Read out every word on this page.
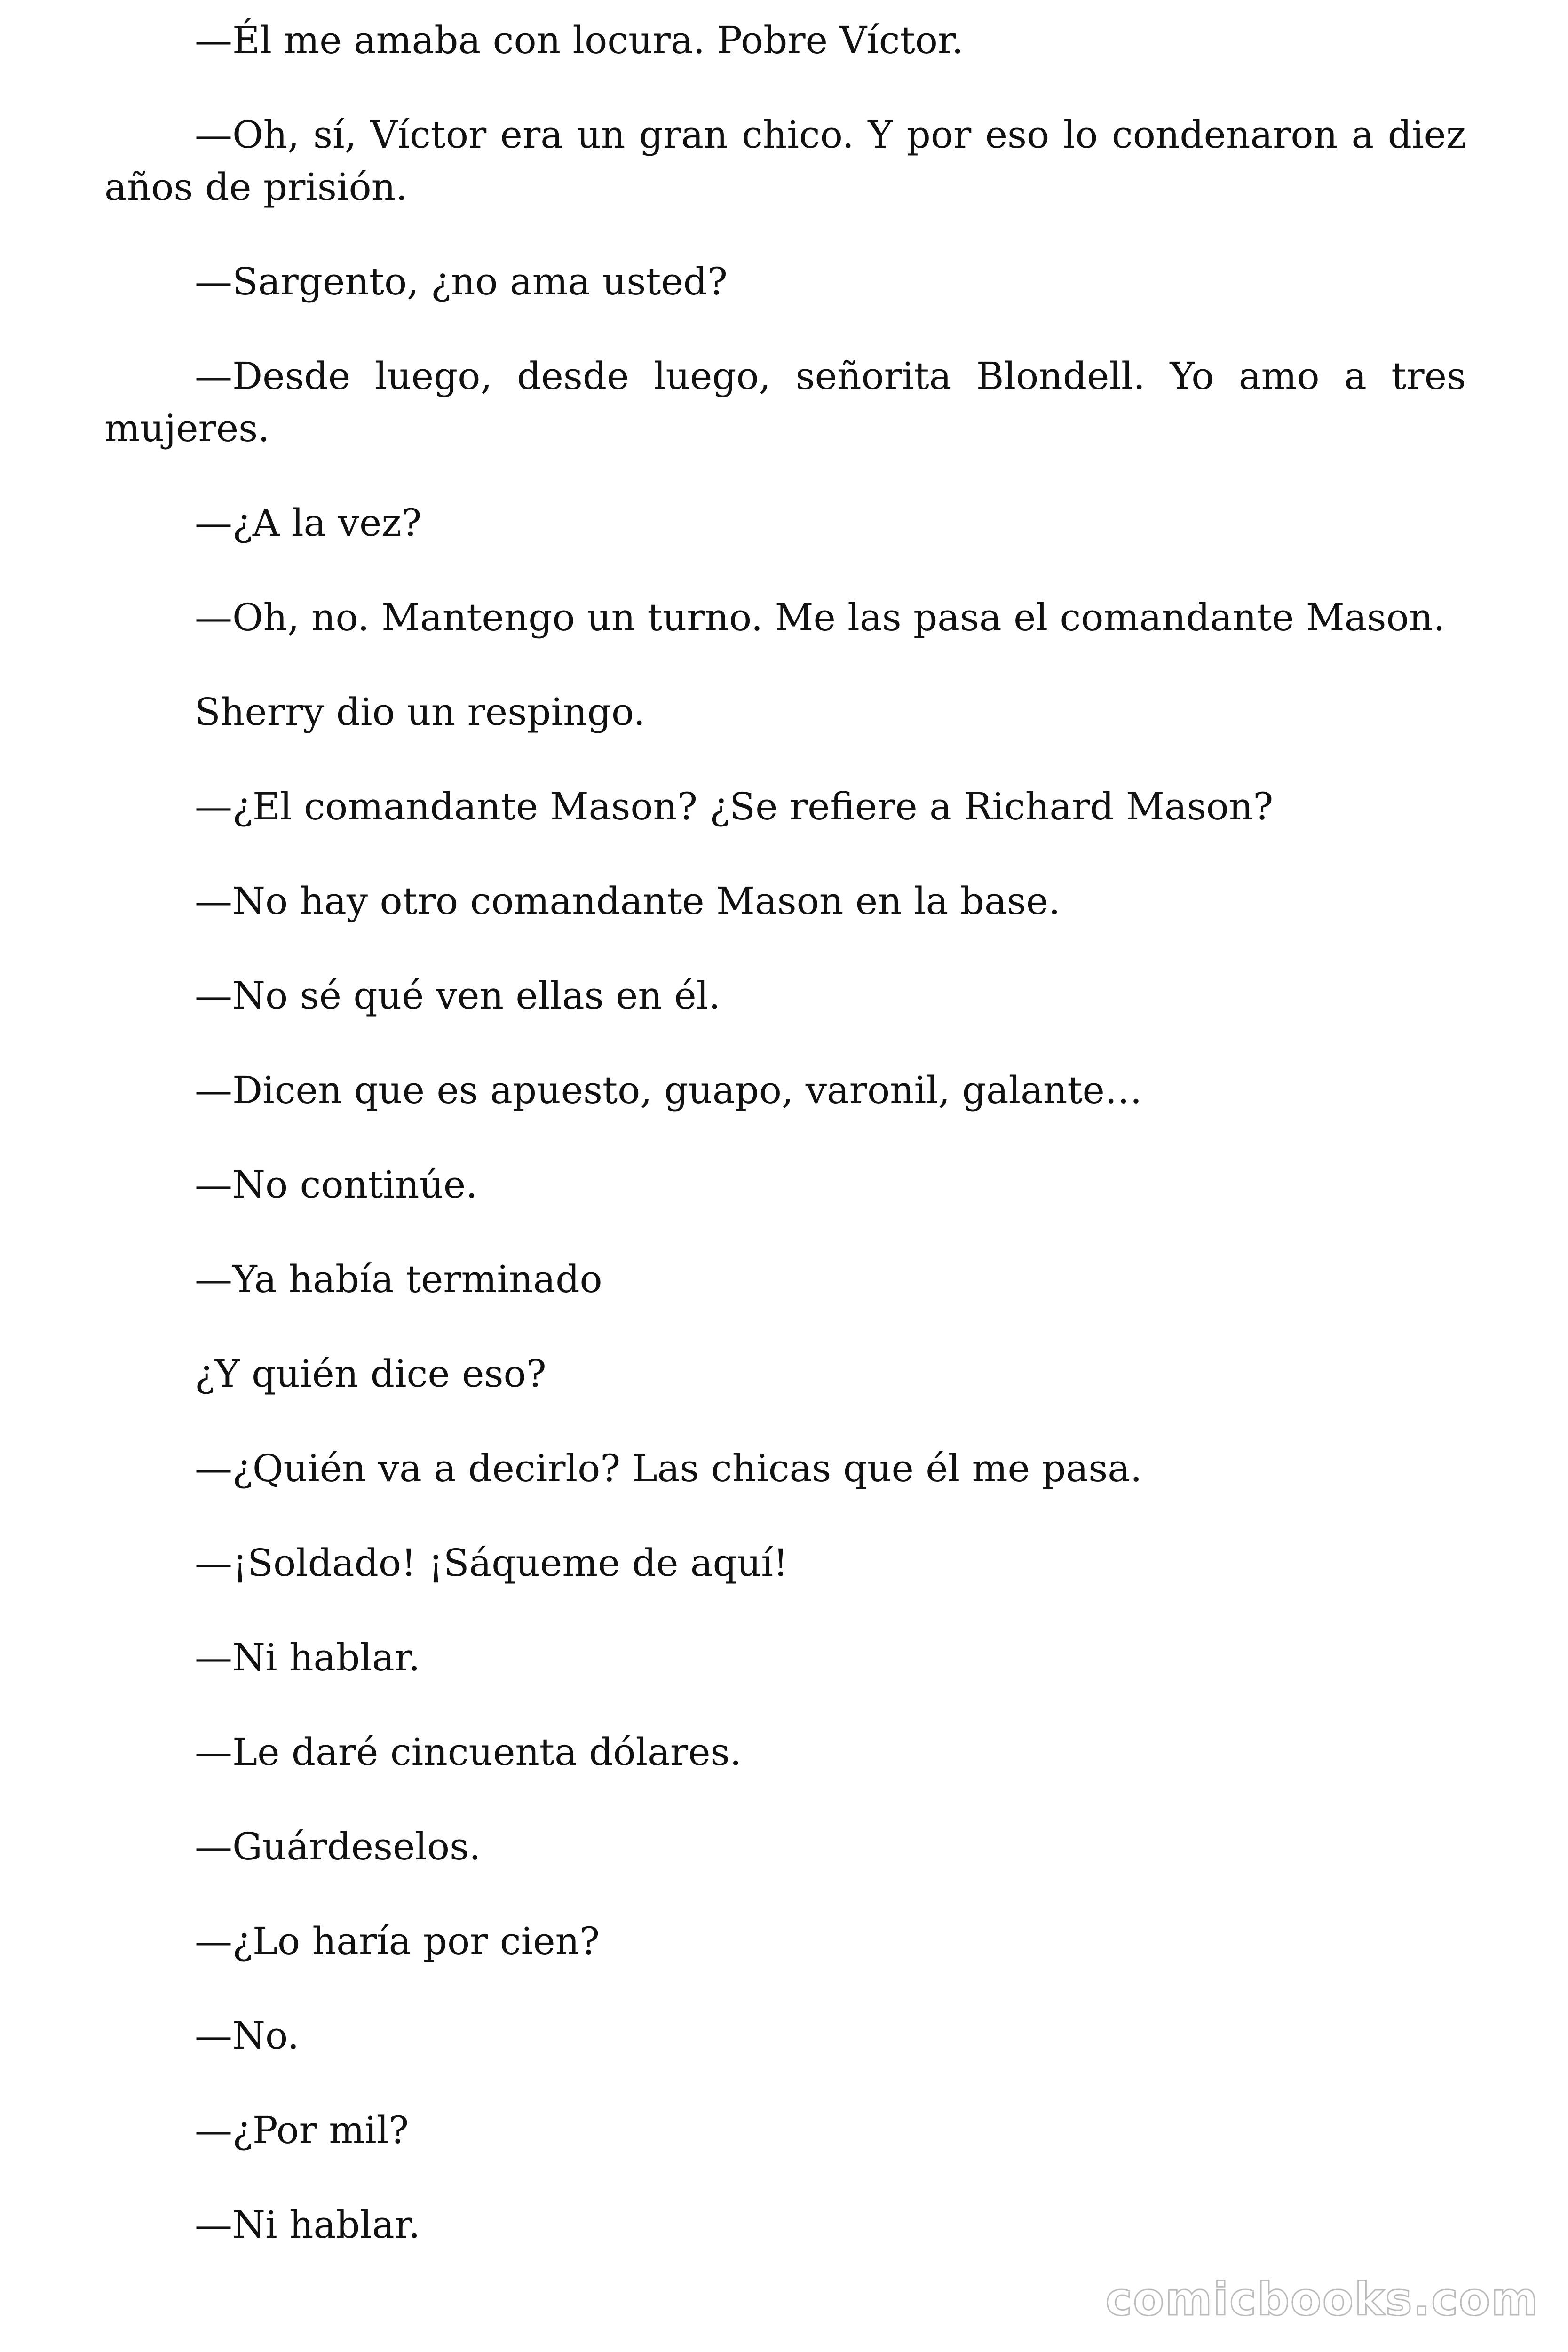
—Él me amaba con locura. Pobre Víctor.

—Oh, sí, Víctor era un gran chico. Y por eso lo condenaron a diez años de prisión.

—Sargento, ¿no ama usted?

—Desde luego, desde luego, señorita Blondell. Yo amo a tres mujeres.

—¿A la vez?

—Oh, no. Mantengo un turno. Me las pasa el comandante Mason.

Sherry dio un respingo.

—¿El comandante Mason? ¿Se refiere a Richard Mason?

—No hay otro comandante Mason en la base.

—No sé qué ven ellas en él.

—Dicen que es apuesto, guapo, varonil, galante…

—No continúe.

—Ya había terminado

¿Y quién dice eso?

—¿Quién va a decirlo? Las chicas que él me pasa.

—¡Soldado! ¡Sáqueme de aquí!

—Ni hablar.

—Le daré cincuenta dólares.

—Guárdeselos.

—¿Lo haría por cien?

—No.

—¿Por mil?

—Ni hablar.

comicbooks.com
